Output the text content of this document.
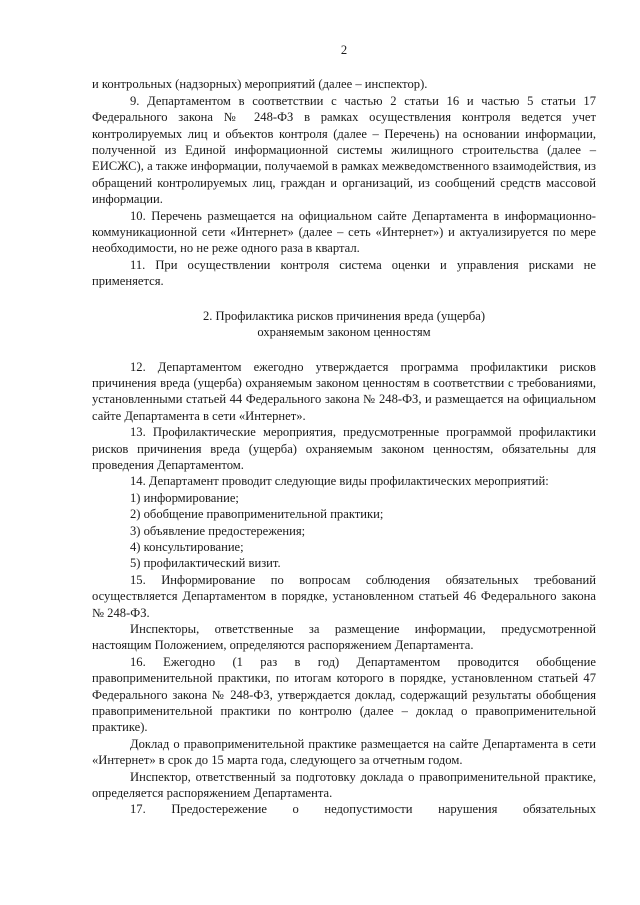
2

и контрольных (надзорных) мероприятий (далее – инспектор).

9. Департаментом в соответствии с частью 2 статьи 16 и частью 5 статьи 17 Федерального закона № 248-ФЗ в рамках осуществления контроля ведется учет контролируемых лиц и объектов контроля (далее – Перечень) на основании информации, полученной из Единой информационной системы жилищного строительства (далее – ЕИСЖС), а также информации, получаемой в рамках межведомственного взаимодействия, из обращений контролируемых лиц, граждан и организаций, из сообщений средств массовой информации.

10. Перечень размещается на официальном сайте Департамента в информационно-коммуникационной сети «Интернет» (далее – сеть «Интернет») и актуализируется по мере необходимости, но не реже одного раза в квартал.

11. При осуществлении контроля система оценки и управления рисками не применяется.

2. Профилактика рисков причинения вреда (ущерба)

охраняемым законом ценностям

12. Департаментом ежегодно утверждается программа профилактики рисков причинения вреда (ущерба) охраняемым законом ценностям в соответствии с требованиями, установленными статьей 44 Федерального закона № 248-ФЗ, и размещается на официальном сайте Департамента в сети «Интернет».

13. Профилактические мероприятия, предусмотренные программой профилактики рисков причинения вреда (ущерба) охраняемым законом ценностям, обязательны для проведения Департаментом.

14. Департамент проводит следующие виды профилактических мероприятий:

1) информирование;

2) обобщение правоприменительной практики;

3) объявление предостережения;

4) консультирование;

5) профилактический визит.

15. Информирование по вопросам соблюдения обязательных требований осуществляется Департаментом в порядке, установленном статьей 46 Федерального закона № 248-ФЗ.

Инспекторы, ответственные за размещение информации, предусмотренной настоящим Положением, определяются распоряжением Департамента.

16. Ежегодно (1 раз в год) Департаментом проводится обобщение правоприменительной практики, по итогам которого в порядке, установленном статьей 47 Федерального закона № 248-ФЗ, утверждается доклад, содержащий результаты обобщения правоприменительной практики по контролю (далее – доклад о правоприменительной практике).

Доклад о правоприменительной практике размещается на сайте Департамента в сети «Интернет» в срок до 15 марта года, следующего за отчетным годом.

Инспектор, ответственный за подготовку доклада о правоприменительной практике, определяется распоряжением Департамента.

17. Предостережение о недопустимости нарушения обязательных
